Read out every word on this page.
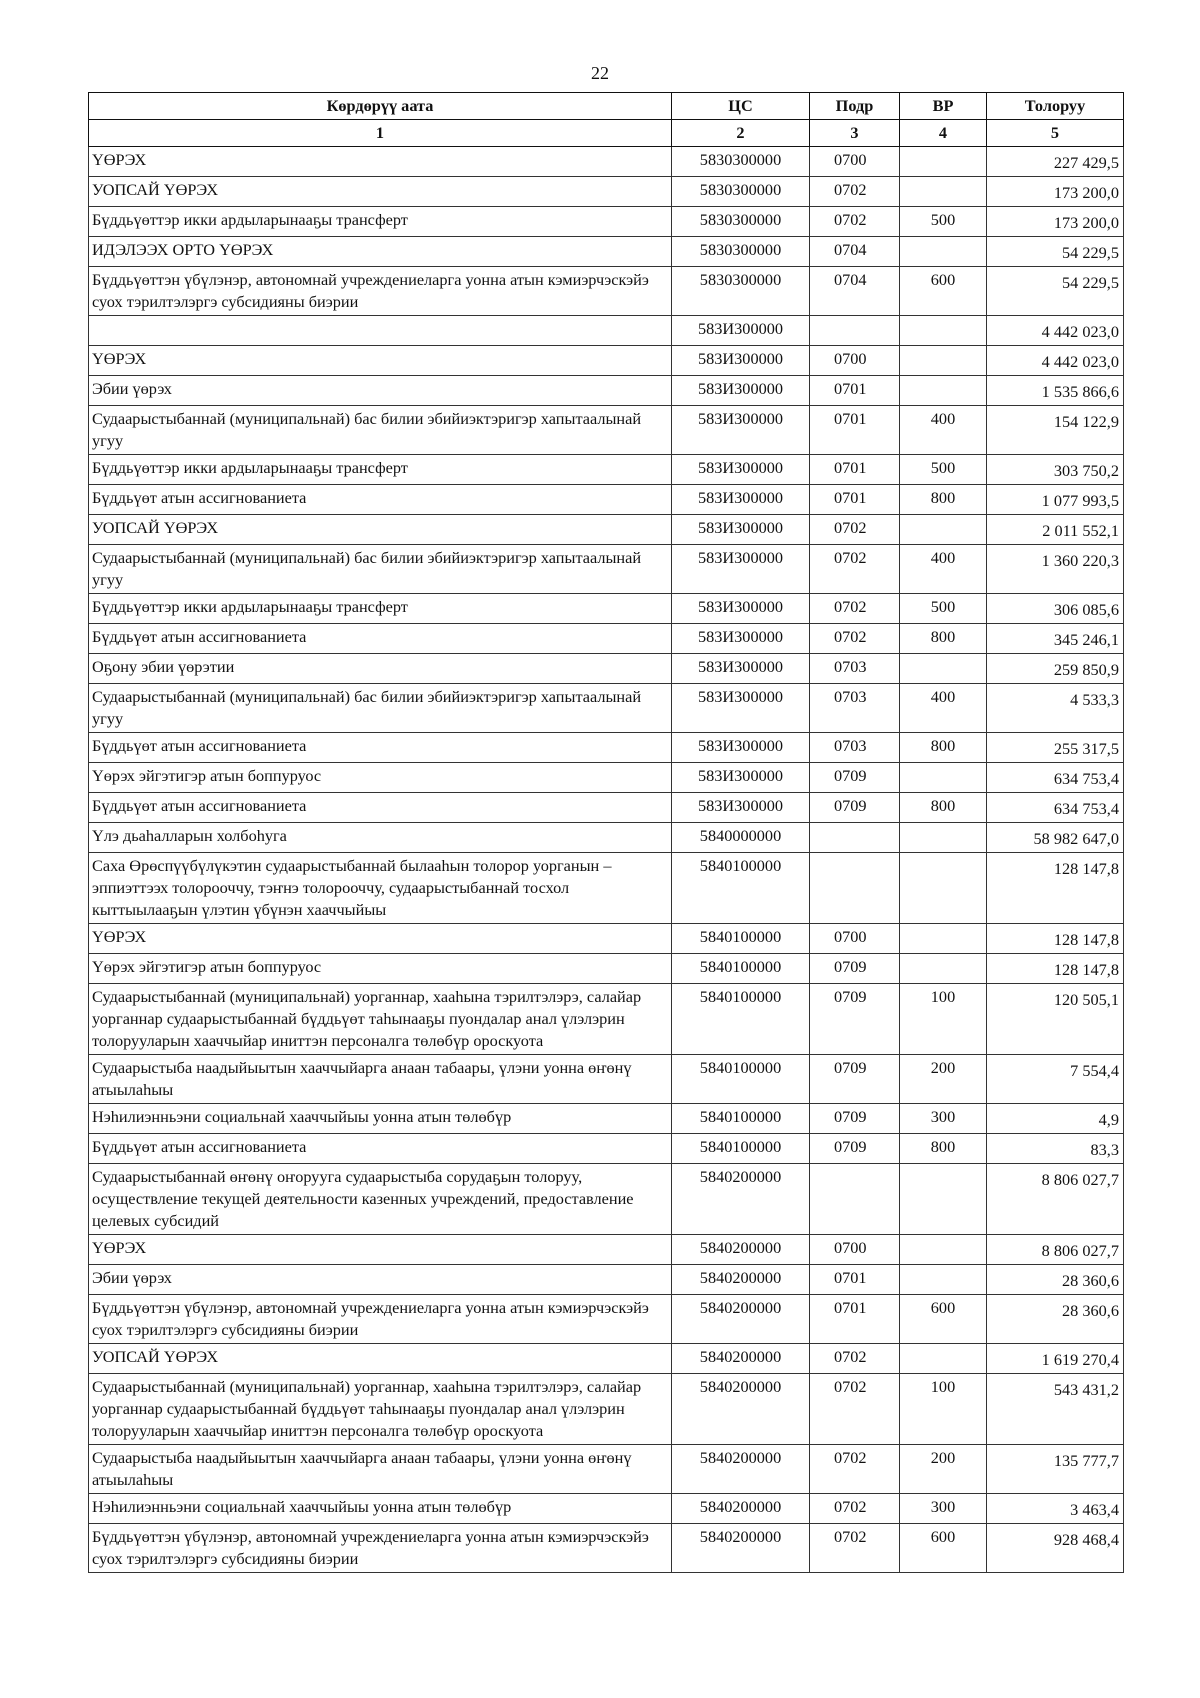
22
Көрдөрүү аата	ЦС	Подр	ВР	Толоруу
1	2	3	4	5
ҮӨРЭХ	5830300000	0700		227 429,5
УОПСАЙ ҮӨРЭХ	5830300000	0702		173 200,0
Бүддьүөттэр икки ардыларынааҕы трансферт	5830300000	0702	500	173 200,0
ИДЭЛЭЭХ ОРТО ҮӨРЭХ	5830300000	0704		54 229,5
Бүддьүөттэн үбүлэнэр, автономнай учреждениеларга уонна атын кэмиэрчэскэйэ суох тэрилтэлэргэ субсидияны биэрии	5830300000	0704	600	54 229,5
	583И300000			4 442 023,0
ҮӨРЭХ	583И300000	0700		4 442 023,0
Эбии үөрэх	583И300000	0701		1 535 866,6
Судаарыстыбаннай (муниципальнай) бас билии эбийиэктэригэр хапытаалынай угуу	583И300000	0701	400	154 122,9
Бүддьүөттэр икки ардыларынааҕы трансферт	583И300000	0701	500	303 750,2
Бүддьүөт атын ассигнованиета	583И300000	0701	800	1 077 993,5
УОПСАЙ ҮӨРЭХ	583И300000	0702		2 011 552,1
Судаарыстыбаннай (муниципальнай) бас билии эбийиэктэригэр хапытаалынай угуу	583И300000	0702	400	1 360 220,3
Бүддьүөттэр икки ардыларынааҕы трансферт	583И300000	0702	500	306 085,6
Бүддьүөт атын ассигнованиета	583И300000	0702	800	345 246,1
Оҕону эбии үөрэтии	583И300000	0703		259 850,9
Судаарыстыбаннай (муниципальнай) бас билии эбийиэктэригэр хапытаалынай угуу	583И300000	0703	400	4 533,3
Бүддьүөт атын ассигнованиета	583И300000	0703	800	255 317,5
Үөрэх эйгэтигэр атын боппуруос	583И300000	0709		634 753,4
Бүддьүөт атын ассигнованиета	583И300000	0709	800	634 753,4
Үлэ дьаһалларын холбоһуга	5840000000			58 982 647,0
Саха Өрөспүүбүлүкэтин судаарыстыбаннай былааһын толорор уорганын – эппиэттээх толорооччу, тэҥнэ толорооччу, судаарыстыбаннай тосхол кыттыылааҕын үлэтин үбүнэн хааччыйыы	5840100000			128 147,8
ҮӨРЭХ	5840100000	0700		128 147,8
Үөрэх эйгэтигэр атын боппуруос	5840100000	0709		128 147,8
Судаарыстыбаннай (муниципальнай) уорганнар, хааһына тэрилтэлэрэ, салайар уорганнар судаарыстыбаннай бүддьүөт таһынааҕы пуондалар анал үлэлэрин толорууларын хааччыйар иниттэн персоналга төлөбүр ороскуота	5840100000	0709	100	120 505,1
Судаарыстыба наадыйыытын хааччыйарга анаан табаары, үлэни уонна өҥөнү атыылаһыы	5840100000	0709	200	7 554,4
Нэһилиэнньэни социальнай хааччыйыы уонна атын төлөбүр	5840100000	0709	300	4,9
Бүддьүөт атын ассигнованиета	5840100000	0709	800	83,3
Судаарыстыбаннай өҥөнү оҥорууга судаарыстыба сорудаҕын толоруу, осуществление текущей деятельности казенных учреждений, предоставление целевых субсидий	5840200000			8 806 027,7
ҮӨРЭХ	5840200000	0700		8 806 027,7
Эбии үөрэх	5840200000	0701		28 360,6
Бүддьүөттэн үбүлэнэр, автономнай учреждениеларга уонна атын кэмиэрчэскэйэ суох тэрилтэлэргэ субсидияны биэрии	5840200000	0701	600	28 360,6
УОПСАЙ ҮӨРЭХ	5840200000	0702		1 619 270,4
Судаарыстыбаннай (муниципальнай) уорганнар, хааһына тэрилтэлэрэ, салайар уорганнар судаарыстыбаннай бүддьүөт таһынааҕы пуондалар анал үлэлэрин толорууларын хааччыйар иниттэн персоналга төлөбүр ороскуота	5840200000	0702	100	543 431,2
Судаарыстыба наадыйыытын хааччыйарга анаан табаары, үлэни уонна өҥөнү атыылаһыы	5840200000	0702	200	135 777,7
Нэһилиэнньэни социальнай хааччыйыы уонна атын төлөбүр	5840200000	0702	300	3 463,4
Бүддьүөттэн үбүлэнэр, автономнай учреждениеларга уонна атын кэмиэрчэскэйэ суох тэрилтэлэргэ субсидияны биэрии	5840200000	0702	600	928 468,4
